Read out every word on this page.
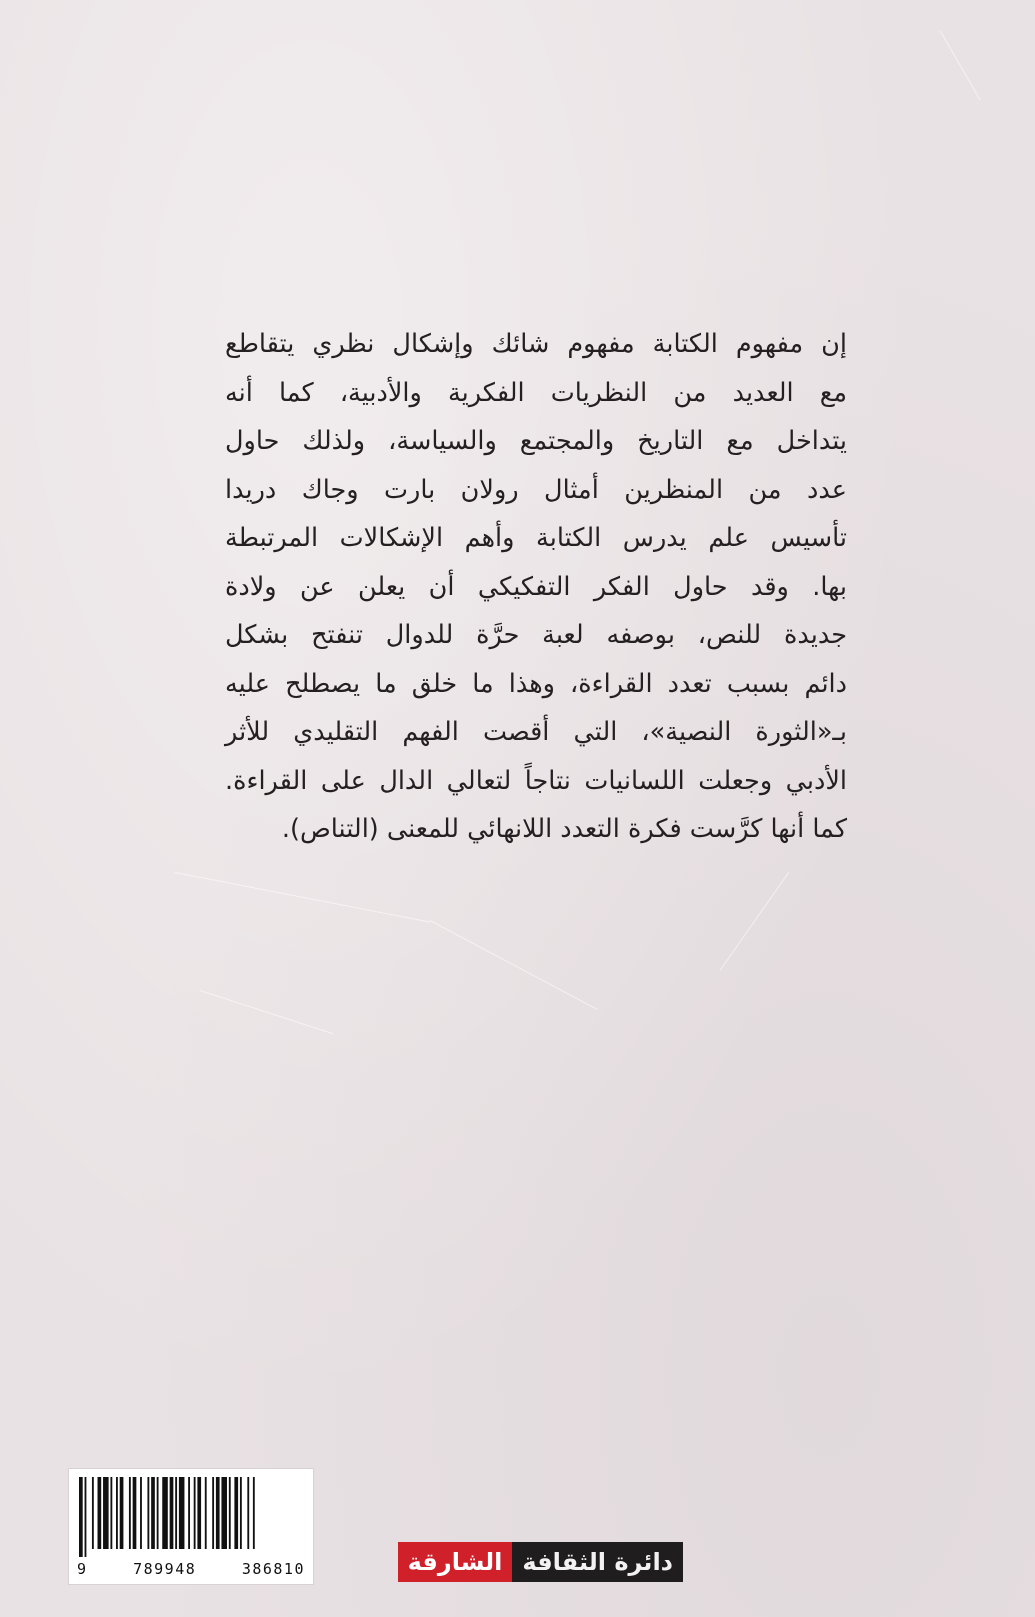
إن مفهوم الكتابة مفهوم شائك وإشكال نظري يتقاطع
مع العديد من النظريات الفكرية والأدبية، كما أنه
يتداخل مع التاريخ والمجتمع والسياسة، ولذلك حاول
عدد من المنظرين أمثال رولان بارت وجاك دريدا
تأسيس علم يدرس الكتابة وأهم الإشكالات المرتبطة
بها. وقد حاول الفكر التفكيكي أن يعلن عن ولادة
جديدة للنص، بوصفه لعبة حرَّة للدوال تنفتح بشكل
دائم بسبب تعدد القراءة، وهذا ما خلق ما يصطلح عليه
بـ«الثورة النصية»، التي أقصت الفهم التقليدي للأثر
الأدبي وجعلت اللسانيات نتاجاً لتعالي الدال على القراءة.
كما أنها كرَّست فكرة التعدد اللانهائي للمعنى (التناص).
9	789948	386810	دائرة الثقافة
الشارقة
